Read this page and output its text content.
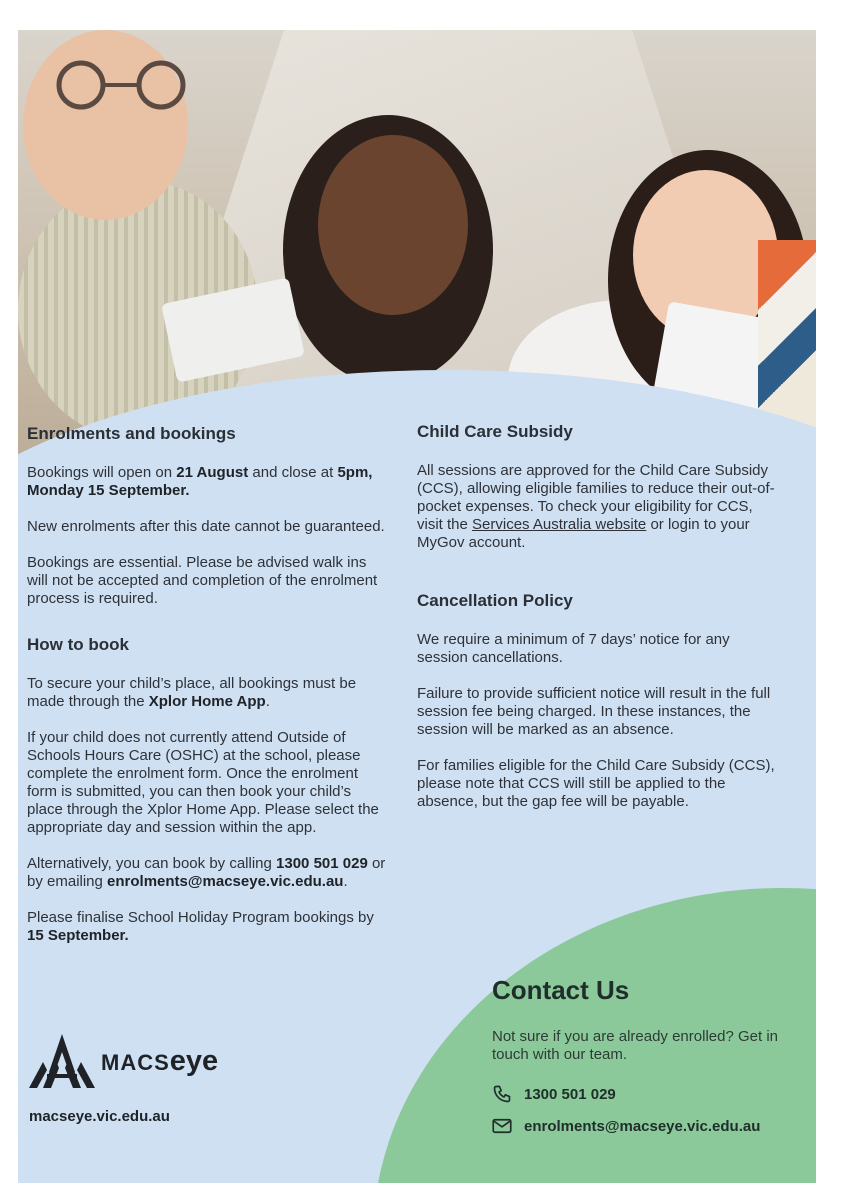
Enrolments and bookings

Bookings will open on 21 August and close at 5pm, Monday 15 September.

New enrolments after this date cannot be guaranteed.

Bookings are essential. Please be advised walk ins will not be accepted and completion of the enrolment process is required.

How to book

To secure your child’s place, all bookings must be made through the Xplor Home App.

If your child does not currently attend Outside of Schools Hours Care (OSHC) at the school, please complete the enrolment form. Once the enrolment form is submitted, you can then book your child’s place through the Xplor Home App. Please select the appropriate day and session within the app.

Alternatively, you can book by calling 1300 501 029 or by emailing enrolments@macseye.vic.edu.au.

Please finalise School Holiday Program bookings by 15 September.

Child Care Subsidy

All sessions are approved for the Child Care Subsidy (CCS), allowing eligible families to reduce their out-of-pocket expenses. To check your eligibility for CCS, visit the Services Australia website or login to your MyGov account.

Cancellation Policy

We require a minimum of 7 days’ notice for any session cancellations.

Failure to provide sufficient notice will result in the full session fee being charged. In these instances, the session will be marked as an absence.

For families eligible for the Child Care Subsidy (CCS), please note that CCS will still be applied to the absence, but the gap fee will be payable.

Contact Us

Not sure if you are already enrolled? Get in touch with our team.

1300 501 029
enrolments@macseye.vic.edu.au
MACSeye
macseye.vic.edu.au
